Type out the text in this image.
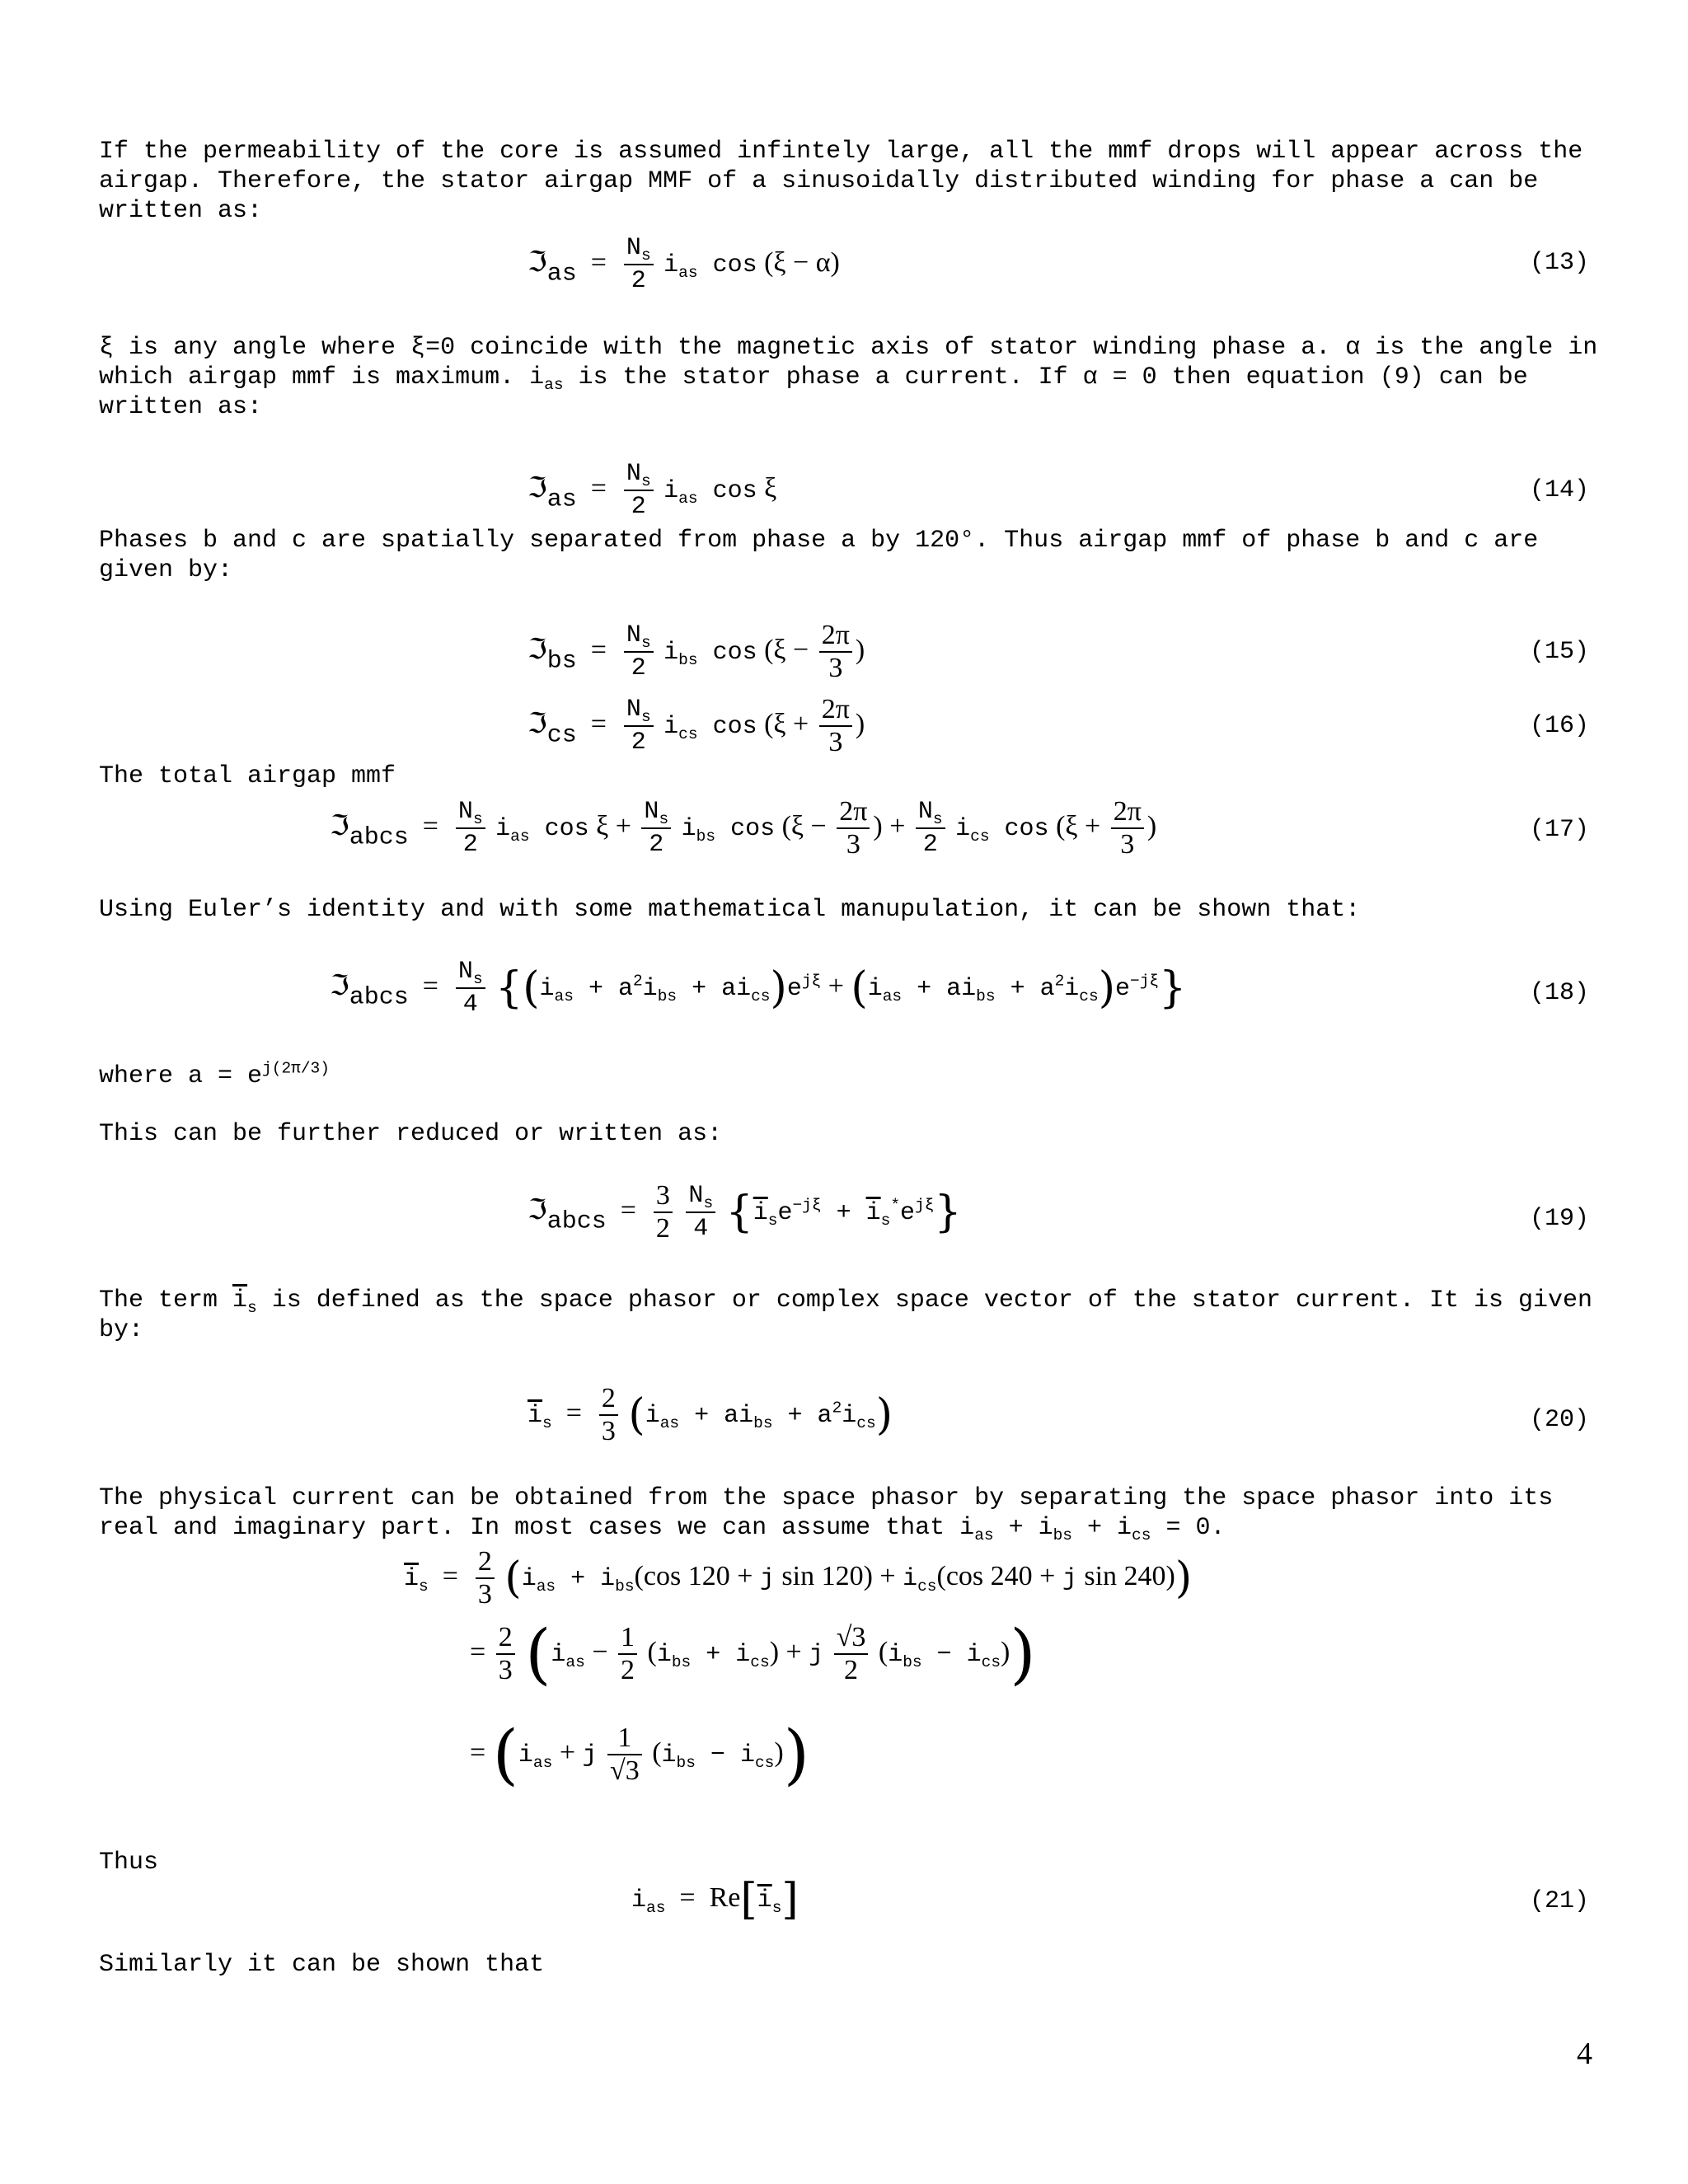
If the permeability of the core is assumed infintely large, all the mmf drops will appear across the airgap. Therefore, the stator airgap MMF of a sinusoidally distributed winding for phase a can be written as:

ℑ$_{as}$  = $\frac{N_s}{2} i_{as}$ cos (ξ − α)	(13)

ξ is any angle where ξ=0 coincide with the magnetic axis of stator winding phase a. α is the angle in which airgap mmf is maximum. $i_{as}$ is the stator phase a current. If α = 0 then equation (9) can be written as:

ℑ$_{as}$  = $\frac{N_s}{2} i_{as}$ cos ξ	(14)

Phases b and c are spatially separated from phase a by 120°. Thus airgap mmf of phase b and c are given by:

ℑ$_{bs}$  = $\frac{N_s}{2} i_{bs}$ $\cos (\xi - \frac{2\pi}{3}$ )	(15)
ℑ$_{cs}$  = $\frac{N_s}{2} i_{cs}$ $\cos (\xi + \frac{2\pi}{3}$ )	(16)

The total airgap mmf

ℑ$_{abcs}$  = $\frac{N_s}{2} i_{as}$ $\cos \xi + \frac{N_s}{2} i_{bs}$ $\cos (\xi - \frac{2\pi}{3}$ ) + $\frac{N_s}{2} i_{cs}$ $\cos (\xi + \frac{2\pi}{3}$ )	(17)

Using Euler’s identity and with some mathematical manupulation, it can be shown that:

ℑ$_{abcs}$  = $\frac{N_s}{4} \{(i_{as} + a^2i_{bs} + ai_{cs})e^{j\xi} + (i_{as} + ai_{bs} + a^2i_{cs})e^{-j\xi}\}$	(18)

where $a = e^{j(2\pi/3)}$

This can be further reduced or written as:

ℑ$_{abcs}$  = $\frac{3}{2}$
$\frac{N_s}{4} \{\overline{i}_se^{-j\xi} + \overline{i}_s^*e^{j\xi}\}$	(19)

The term $\overline{i}_s$ is defined as the space phasor or complex space vector of the stator current. It is given by:

$\overline{i}_s = \frac{2}{3} (i_{as} + ai_{bs} + a^2i_{cs})$	(20)

The physical current can be obtained from the space phasor by separating the space phasor into its real and imaginary part. In most cases we can assume that $i_{as} + i_{bs} + i_{cs} = 0$.

$\overline{i}_s = \frac{2}{3} (i_{as} + i_{bs}(\cos$ 120 + j $\sin 120) + i_{cs}(\cos$ 240 + j sin 240))
= $\frac{2}{3} (i_{as} - \frac{1}{2} (i_{bs} + i_{cs}) + j \frac{√3}{2} (i_{bs} - i_{cs}))$
= $(i_{as} + j \frac{1}{√3} (i_{bs} - i_{cs}))$

Thus

$i_{as} = Re[\overline{i}_s]$	(21)

Similarly it can be shown that

4
